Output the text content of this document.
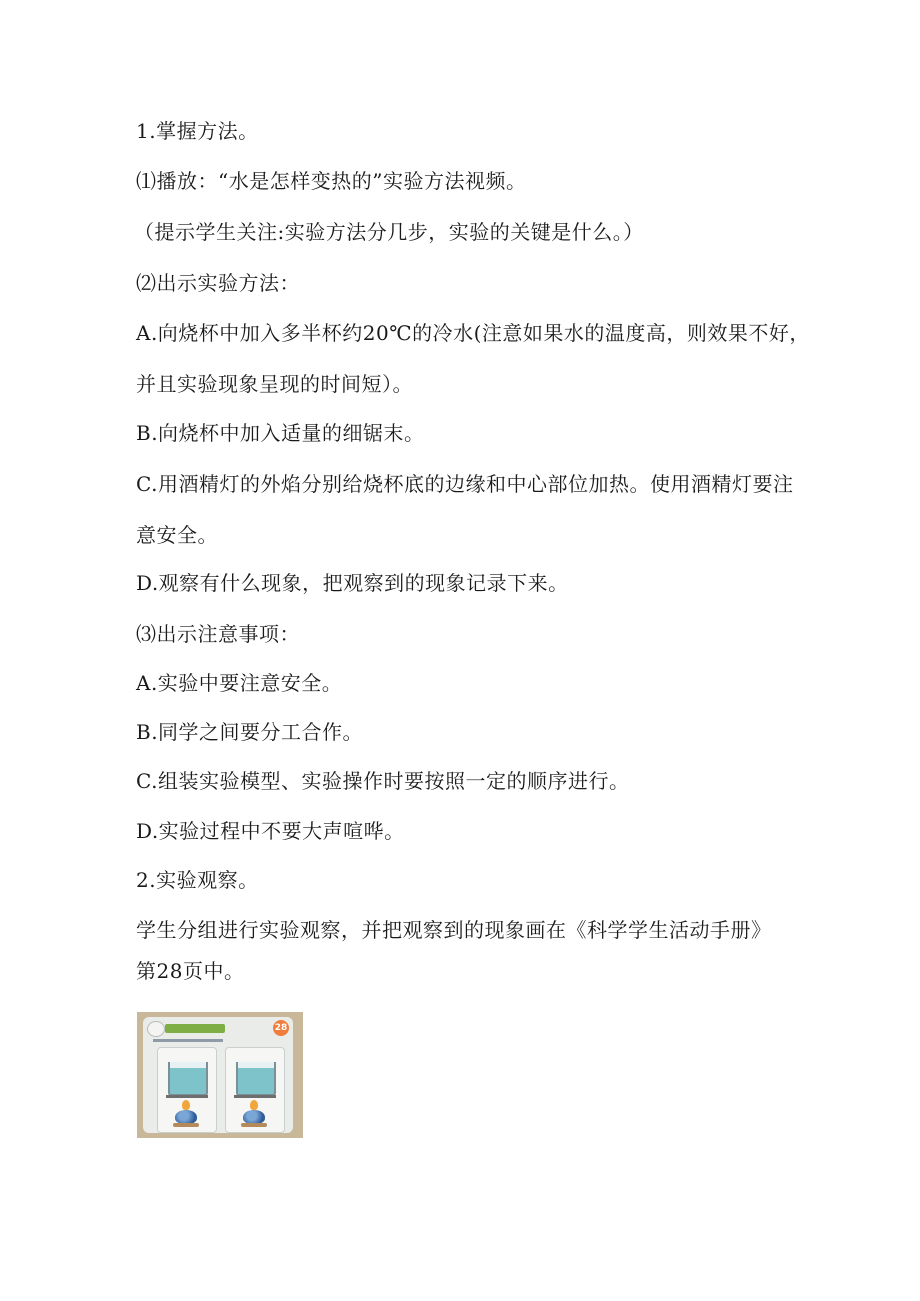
1.掌握方法。
⑴播放：“水是怎样变热的”实验方法视频。
（提示学生关注:实验方法分几步，实验的关键是什么。）
⑵出示实验方法：
A.向烧杯中加入多半杯约20℃的冷水(注意如果水的温度高，则效果不好，
并且实验现象呈现的时间短）。
B.向烧杯中加入适量的细锯末。
C.用酒精灯的外焰分别给烧杯底的边缘和中心部位加热。使用酒精灯要注
意安全。
D.观察有什么现象，把观察到的现象记录下来。
⑶出示注意事项：
A.实验中要注意安全。
B.同学之间要分工合作。
C.组装实验模型、实验操作时要按照一定的顺序进行。
D.实验过程中不要大声喧哗。
2.实验观察。
学生分组进行实验观察，并把观察到的现象画在《科学学生活动手册》
第28页中。
28
